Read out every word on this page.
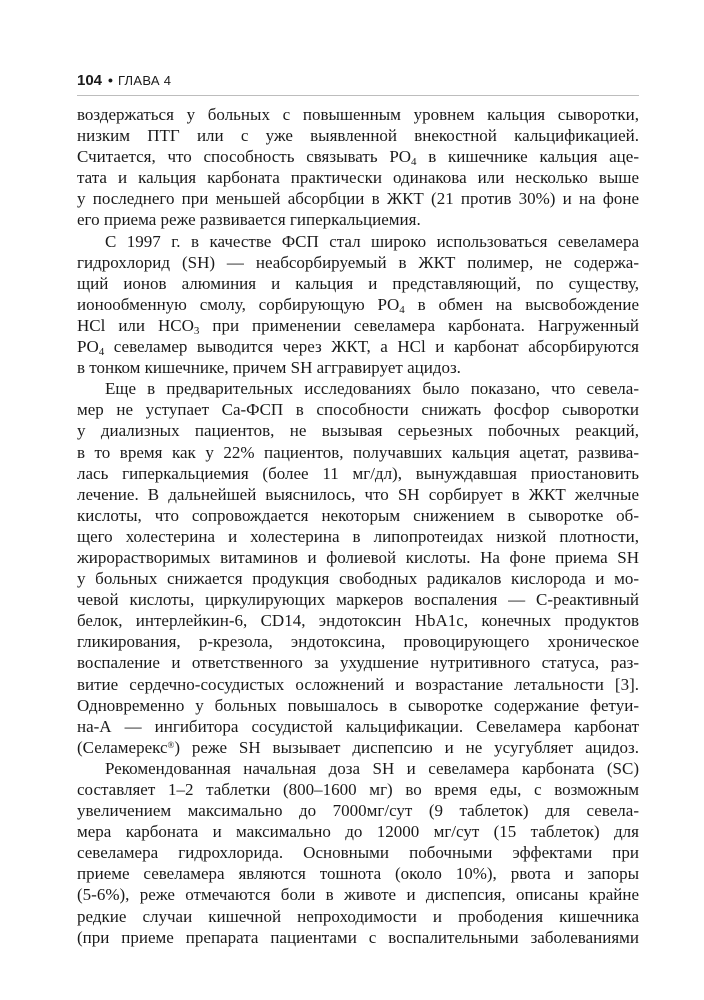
104 • ГЛАВА 4
воздержаться у больных с повышенным уровнем кальция сыворотки,
низким ПТГ или с уже выявленной внекостной кальцификацией.
Считается, что способность связывать $PO_4$ в кишечнике кальция аце-
тата и кальция карбоната практически одинакова или несколько выше
у последнего при меньшей абсорбции в ЖКТ (21 против 30%) и на фоне
его приема реже развивается гиперкальциемия.
С 1997 г. в качестве ФСП стал широко использоваться севеламера
гидрохлорид (SH) — неабсорбируемый в ЖКТ полимер, не содержа-
щий ионов алюминия и кальция и представляющий, по существу,
ионообменную смолу, сорбирующую $PO_4$ в обмен на высвобождение
HCl или $HCO_3$ при применении севеламера карбоната. Нагруженный
$PO_4$ севеламер выводится через ЖКТ, а HCl и карбонат абсорбируются
в тонком кишечнике, причем SH аггравирует ацидоз.
Еще в предварительных исследованиях было показано, что севела-
мер не уступает Ca-ФСП в способности снижать фосфор сыворотки
у диализных пациентов, не вызывая серьезных побочных реакций,
в то время как у 22% пациентов, получавших кальция ацетат, развива-
лась гиперкальциемия (более 11 мг/дл), вынуждавшая приостановить
лечение. В дальнейшей выяснилось, что SH сорбирует в ЖКТ желчные
кислоты, что сопровождается некоторым снижением в сыворотке об-
щего холестерина и холестерина в липопротеидах низкой плотности,
жирорастворимых витаминов и фолиевой кислоты. На фоне приема SH
у больных снижается продукция свободных радикалов кислорода и мо-
чевой кислоты, циркулирующих маркеров воспаления — С-реактивный
белок, интерлейкин-6, CD14, эндотоксин HbA1c, конечных продуктов
гликирования, р-крезола, эндотоксина, провоцирующего хроническое
воспаление и ответственного за ухудшение нутритивного статуса, раз-
витие сердечно-сосудистых осложнений и возрастание летальности [3].
Одновременно у больных повышалось в сыворотке содержание фетуи-
на-А — ингибитора сосудистой кальцификации. Севеламера карбонат
(Селамерекс®) реже SH вызывает диспепсию и не усугубляет ацидоз.
Рекомендованная начальная доза SH и севеламера карбоната (SC)
составляет 1–2 таблетки (800–1600 мг) во время еды, с возможным
увеличением максимально до 7000мг/сут (9 таблеток) для севела-
мера карбоната и максимально до 12000 мг/сут (15 таблеток) для
севеламера гидрохлорида. Основными побочными эффектами при
приеме севеламера являются тошнота (около 10%), рвота и запоры
(5-6%), реже отмечаются боли в животе и диспепсия, описаны крайне
редкие случаи кишечной непроходимости и прободения кишечника
(при приеме препарата пациентами с воспалительными заболеваниями
